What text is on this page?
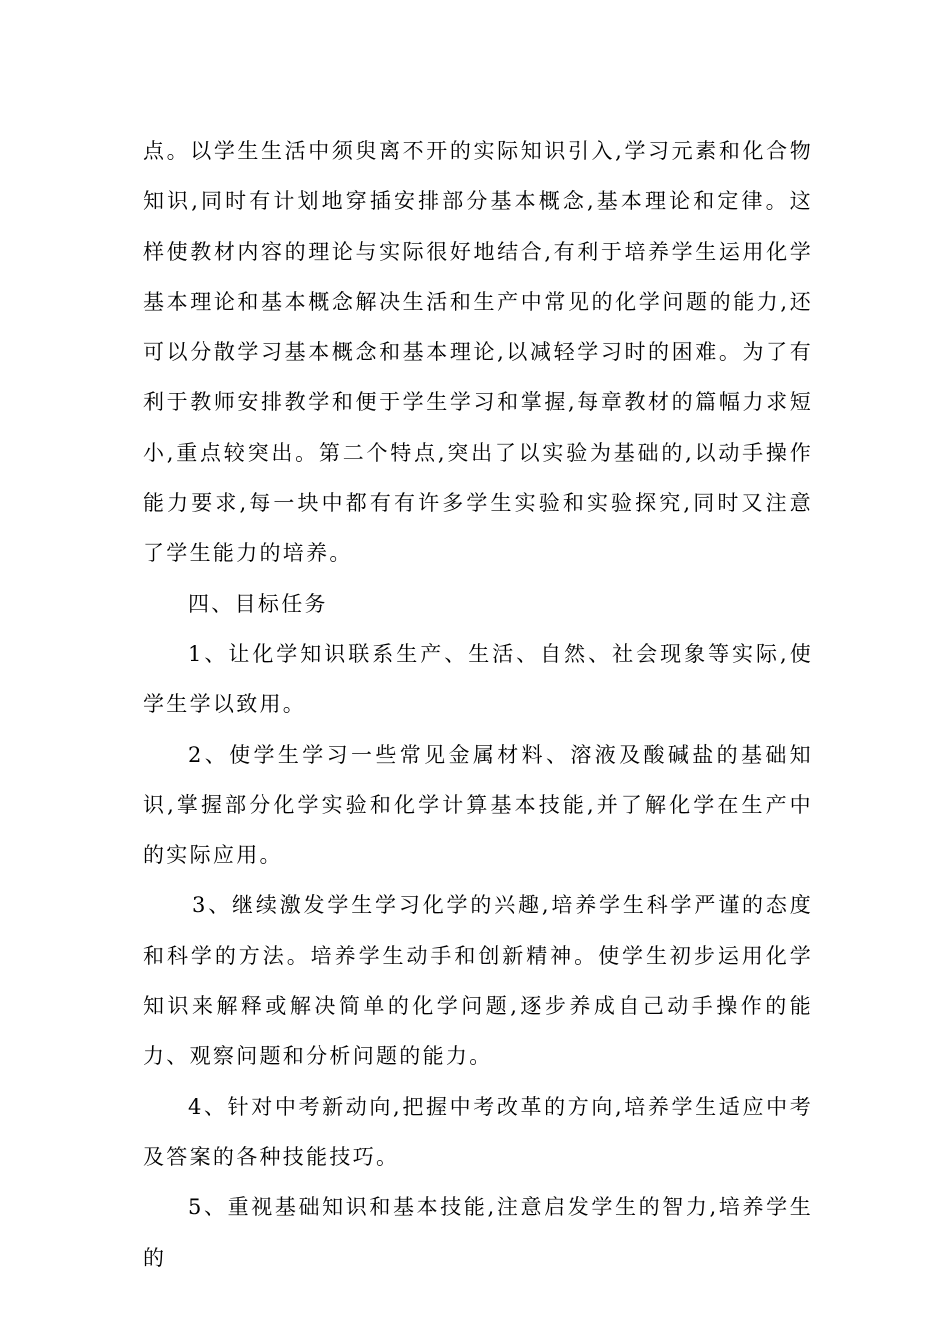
点。以学生生活中须臾离不开的实际知识引入,学习元素和化合物知识,同时有计划地穿插安排部分基本概念,基本理论和定律。这样使教材内容的理论与实际很好地结合,有利于培养学生运用化学基本理论和基本概念解决生活和生产中常见的化学问题的能力,还可以分散学习基本概念和基本理论,以减轻学习时的困难。为了有利于教师安排教学和便于学生学习和掌握,每章教材的篇幅力求短小,重点较突出。第二个特点,突出了以实验为基础的,以动手操作能力要求,每一块中都有有许多学生实验和实验探究,同时又注意了学生能力的培养。

四、目标任务

1、让化学知识联系生产、生活、自然、社会现象等实际,使学生学以致用。

2、使学生学习一些常见金属材料、溶液及酸碱盐的基础知识,掌握部分化学实验和化学计算基本技能,并了解化学在生产中的实际应用。

3、继续激发学生学习化学的兴趣,培养学生科学严谨的态度和科学的方法。培养学生动手和创新精神。使学生初步运用化学知识来解释或解决简单的化学问题,逐步养成自己动手操作的能力、观察问题和分析问题的能力。

4、针对中考新动向,把握中考改革的方向,培养学生适应中考及答案的各种技能技巧。

5、重视基础知识和基本技能,注意启发学生的智力,培养学生的
